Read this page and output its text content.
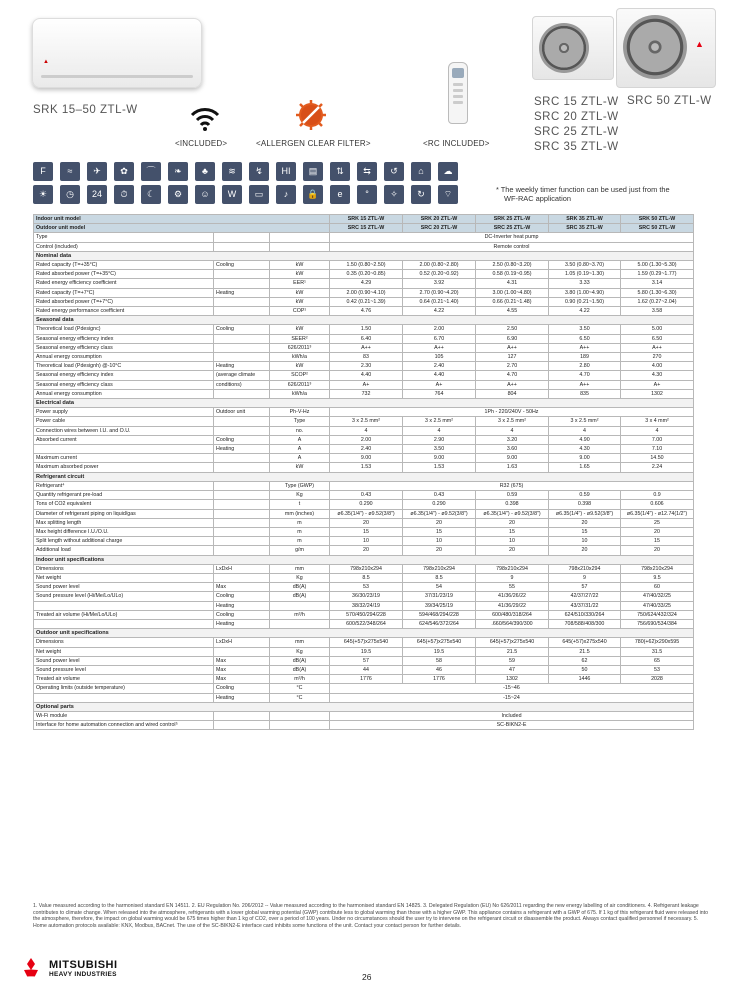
▲
SRK 15–50 ZTL-W
▲
SRC 15 ZTL-W
SRC 20 ZTL-W
SRC 25 ZTL-W
SRC 35 ZTL-W
SRC 50 ZTL-W
<INCLUDED>	<ALLERGEN CLEAR FILTER>	<RC INCLUDED>
F	≈	✈	✿	⌒	❧	♣	≋	↯	HI	▤	⇅	⇆	↺	⌂	☁
☀	◷	24	⏱	☾	⚙	☺	W	▭	♪	🔒	e	°	✧	↻	⌔	* The weekly timer function can be used just from the
WF-RAC application
Indoor unit model			SRK 15 ZTL-W	SRK 20 ZTL-W	SRK 25 ZTL-W	SRK 35 ZTL-W	SRK 50 ZTL-W
Outdoor unit model			SRC 15 ZTL-W	SRC 20 ZTL-W	SRC 25 ZTL-W	SRC 35 ZTL-W	SRC 50 ZTL-W
Type			DC-Inverter heat pump				
Control (included)			Remote control				
Nominal data							
Rated capacity (T=+35°C)	Cooling	kW	1.50 (0.80~2.50)	2.00 (0.80~2.80)	2.50 (0.80~3.20)	3.50 (0.80~3.70)	5.00 (1.30~5.30)
Rated absorbed power (T=+35°C)		kW	0.35 (0.20~0.85)	0.52 (0.20~0.92)	0.58 (0.19~0.95)	1.05 (0.19~1.30)	1.59 (0.29~1.77)
Rated energy efficiency coefficient		EER¹	4.29	3.92	4.31	3.33	3.14
Rated capacity (T=+7°C)	Heating	kW	2.00 (0.90~4.10)	2.70 (0.90~4.20)	3.00 (1.00~4.80)	3.80 (1.00~4.90)	5.80 (1.30~6.30)
Rated absorbed power (T=+7°C)		kW	0.42 (0.21~1.39)	0.64 (0.21~1.40)	0.66 (0.21~1.48)	0.90 (0.21~1.50)	1.62 (0.27~2.04)
Rated energy performance coefficient		COP¹	4.76	4.22	4.55	4.22	3.58
Seasonal data							
Theoretical load (Pdesignc)	Cooling	kW	1.50	2.00	2.50	3.50	5.00
Seasonal energy efficiency index		SEER²	6.40	6.70	6.90	6.50	6.50
Seasonal energy efficiency class		626/2011³	A++	A++	A++	A++	A++
Annual energy consumption		kWh/a	83	105	127	189	270
Theoretical load (Pdesignh) @-10°C	Heating	kW	2.30	2.40	2.70	2.80	4.00
Seasonal energy efficiency index	(average climate	SCOP²	4.40	4.40	4.70	4.70	4.30
Seasonal energy efficiency class	conditions)	626/2011³	A+	A+	A++	A++	A+
Annual energy consumption		kWh/a	732	764	804	835	1302
Electrical data							
Power supply	Outdoor unit	Ph-V-Hz	1Ph - 220/240V - 50Hz				
Power cable		Type	3 x 2.5 mm²	3 x 2.5 mm²	3 x 2.5 mm²	3 x 2.5 mm²	3 x 4 mm²
Connection wires between I.U. and O.U.		no.	4	4	4	4	4
Absorbed current	Cooling	A	2.00	2.90	3.20	4.90	7.00
	Heating	A	2.40	3.50	3.60	4.30	7.10
Maximum current		A	9.00	9.00	9.00	9.00	14.50
Maximum absorbed power		kW	1.53	1.53	1.63	1.65	2.24
Refrigerant circuit							
Refrigerant⁴		Type (GWP)	R32 (675)				
Quantity refrigerant pre-load		Kg	0.43	0.43	0.59	0.59	0.9
Tons of CO2 equivalent		t	0.290	0.290	0.398	0.398	0.606
Diameter of refrigerant piping on liquid/gas		mm (inches)	ø6.35(1/4") - ø9.52(3/8")	ø6.35(1/4") - ø9.52(3/8")	ø6.35(1/4") - ø9.52(3/8")	ø6.35(1/4") - ø9.52(3/8")	ø6.35(1/4") - ø12.74(1/2")
Max splitting length		m	20	20	20	20	25
Max height difference I.U./O.U.		m	15	15	15	15	20
Split length without additional charge		m	10	10	10	10	15
Additional load		g/m	20	20	20	20	20
Indoor unit specifications							
Dimensions	LxDxH	mm	798x210x294	798x210x294	798x210x294	798x210x294	798x210x294
Net weight		Kg	8.5	8.5	9	9	9.5
Sound power level	Max	dB(A)	53	54	55	57	60
Sound pressure level (Hi/Me/Lo/ULo)	Cooling	dB(A)	36/30/23/19	37/31/23/19	41/36/26/22	42/37/27/22	47/40/32/25
	Heating		38/32/24/19	39/34/25/19	41/36/29/22	43/37/31/22	47/40/33/25
Treated air volume (Hi/Me/Lo/ULo)	Cooling	m³/h	570/450/294/228	594/468/294/228	600/480/318/264	624/510/330/264	750/624/432/324
	Heating		600/522/348/264	624/546/372/264	.660/564/390/300	708/588/408/300	756/690/534/384
Outdoor unit specifications							
Dimensions	LxDxH	mm	645(+57)x275x540	645(+57)x275x540	645(+57)x275x540	645(+57)x275x540	780(+62)x290x595
Net weight		Kg	19.5	19.5	21.5	21.5	31.5
Sound power level	Max	dB(A)	57	58	59	62	65
Sound pressure level	Max	dB(A)	44	46	47	50	53
Treated air volume	Max	m³/h	1776	1776	1302	1446	2028
Operating limits (outside temperature)	Cooling	°C	-15~46				
	Heating	°C	-15~24				
Optional parts							
Wi-Fi module			Included				
Interface for home automation connection and wired control⁵			SC-BIKN2-E				
1. Value measured according to the harmonised standard EN 14511. 2. EU Regulation No. 206/2012 -- Value measured according to the harmonised standard EN 14825. 3. Delegated Regulation (EU) No 626/2011 regarding the new energy labelling of air conditioners. 4. Refrigerant leakage contributes to climate change. When released into the atmosphere, refrigerants with a lower global warming potential (GWP) contribute less to global warming than those with a higher GWP. This appliance contains a refrigerant with a GWP of 675. If 1 kg of this refrigerant fluid were released into the atmosphere, therefore, the impact on global warming would be 675 times higher than 1 kg of CO2, over a period of 100 years. Under no circumstances should the user try to intervene on the refrigerant circuit or disassemble the product. Always contact qualified personnel if necessary. 5. Home automation protocols available: KNX, Modbus, BACnet. The use of the SC-BIKN2-E interface card inhibits some functions of the unit. Contact your contact person for further details.
MITSUBISHI
HEAVY INDUSTRIES	26
